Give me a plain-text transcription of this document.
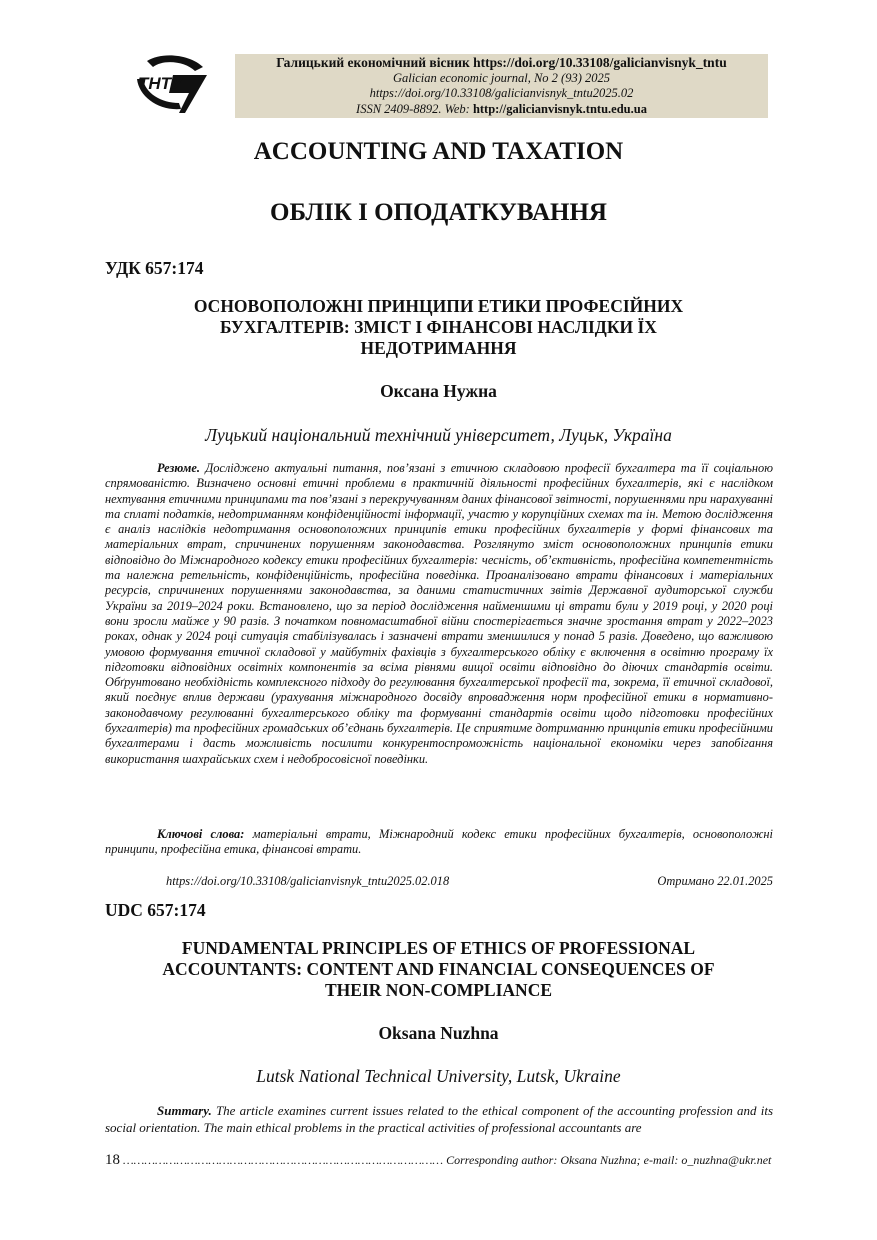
ТНТУ
Галицький економічний вісник https://doi.org/10.33108/galicianvisnyk_tntu
Galician economic journal, No 2 (93) 2025
https://doi.org/10.33108/galicianvisnyk_tntu2025.02
ISSN 2409-8892. Web: http://galicianvisnyk.tntu.edu.ua
ACCOUNTING AND TAXATION
ОБЛІК І ОПОДАТКУВАННЯ
УДК 657:174
ОСНОВОПОЛОЖНІ ПРИНЦИПИ ЕТИКИ ПРОФЕСІЙНИХ
БУХГАЛТЕРІВ: ЗМІСТ І ФІНАНСОВІ НАСЛІДКИ ЇХ
НЕДОТРИМАННЯ
Оксана Нужна
Луцький національний технічний університет, Луцьк, Україна

Резюме. Досліджено актуальні питання, пов’язані з етичною складовою професії бухгалтера та її соціальною спрямованістю. Визначено основні етичні проблеми в практичній діяльності професійних бухгалтерів, які є наслідком нехтування етичними принципами та пов’язані з перекручуванням даних фінансової звітності, порушеннями при нарахуванні та сплаті податків, недотриманням конфіденційності інформації, участю у корупційних схемах та ін. Метою дослідження є аналіз наслідків недотримання основоположних принципів етики професійних бухгалтерів у формі фінансових та матеріальних втрат, спричинених порушенням законодавства. Розглянуто зміст основоположних принципів етики відповідно до Міжнародного кодексу етики професійних бухгалтерів: чесність, об’єктивність, професійна компетентність та належна ретельність, конфіденційність, професійна поведінка. Проаналізовано втрати фінансових і матеріальних ресурсів, спричинених порушеннями законодавства, за даними статистичних звітів Державної аудиторської служби України за 2019–2024 роки. Встановлено, що за період дослідження найменшими ці втрати були у 2019 році, у 2020 році вони зросли майже у 90 разів. З початком повномасштабної війни спостерігається значне зростання втрат у 2022–2023 роках, однак у 2024 році ситуація стабілізувалась і зазначені втрати зменшилися у понад 5 разів. Доведено, що важливою умовою формування етичної складової у майбутніх фахівців з бухгалтерського обліку є включення в освітню програму їх підготовки відповідних освітніх компонентів за всіма рівнями вищої освіти відповідно до діючих стандартів освіти. Обґрунтовано необхідність комплексного підходу до регулювання бухгалтерської професії та, зокрема, її етичної складової, який поєднує вплив держави (урахування міжнародного досвіду впровадження норм професійної етики в нормативно-законодавчому регулюванні бухгалтерського обліку та формуванні стандартів освіти щодо підготовки професійних бухгалтерів) та професійних громадських об’єднань бухгалтерів. Це сприятиме дотриманню принципів етики професійними бухгалтерами і дасть можливість посилити конкурентоспроможність національної економіки через запобігання використання шахрайських схем і недобросовісної поведінки.

Ключові слова: матеріальні втрати, Міжнародний кодекс етики професійних бухгалтерів, основоположні принципи, професійна етика, фінансові втрати.

https://doi.org/10.33108/galicianvisnyk_tntu2025.02.018	Отримано 22.01.2025
UDC 657:174
FUNDAMENTAL PRINCIPLES OF ETHICS OF PROFESSIONAL
ACCOUNTANTS: CONTENT AND FINANCIAL CONSEQUENCES OF
THEIR NON-COMPLIANCE
Oksana Nuzhna
Lutsk National Technical University, Lutsk, Ukraine

Summary. The article examines current issues related to the ethical component of the accounting profession and its social orientation. The main ethical problems in the practical activities of professional accountants are

18 ……………………………………………………………………………… Corresponding author: Oksana Nuzhna; e-mail: o_nuzhna@ukr.net
